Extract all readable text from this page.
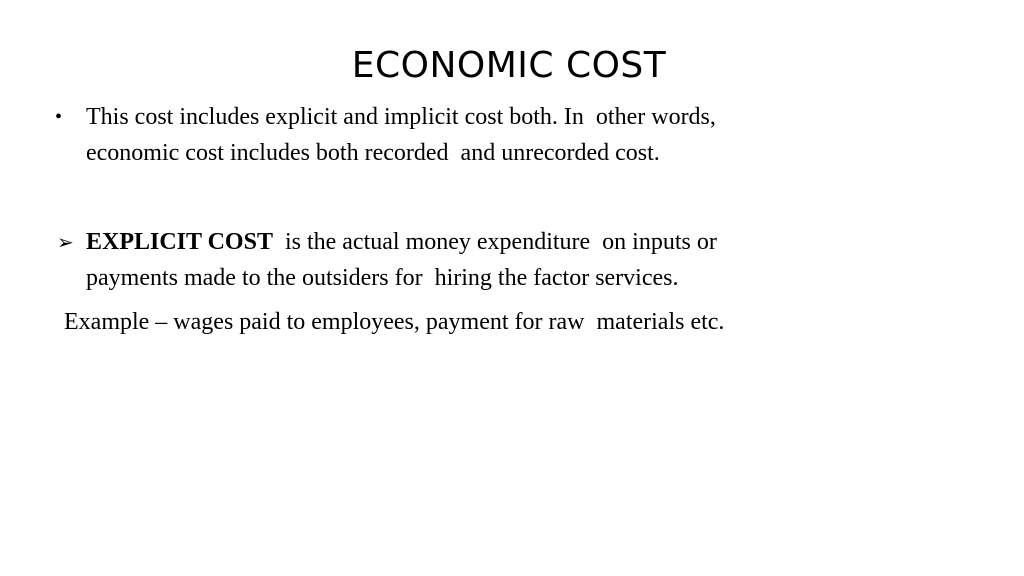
ECONOMIC COST
• This cost includes explicit and implicit cost both. In  other words,
economic cost includes both recorded  and unrecorded cost.
➢ EXPLICIT COST  is the actual money expenditure  on inputs or
payments made to the outsiders for  hiring the factor services.
Example – wages paid to employees, payment for raw  materials etc.
